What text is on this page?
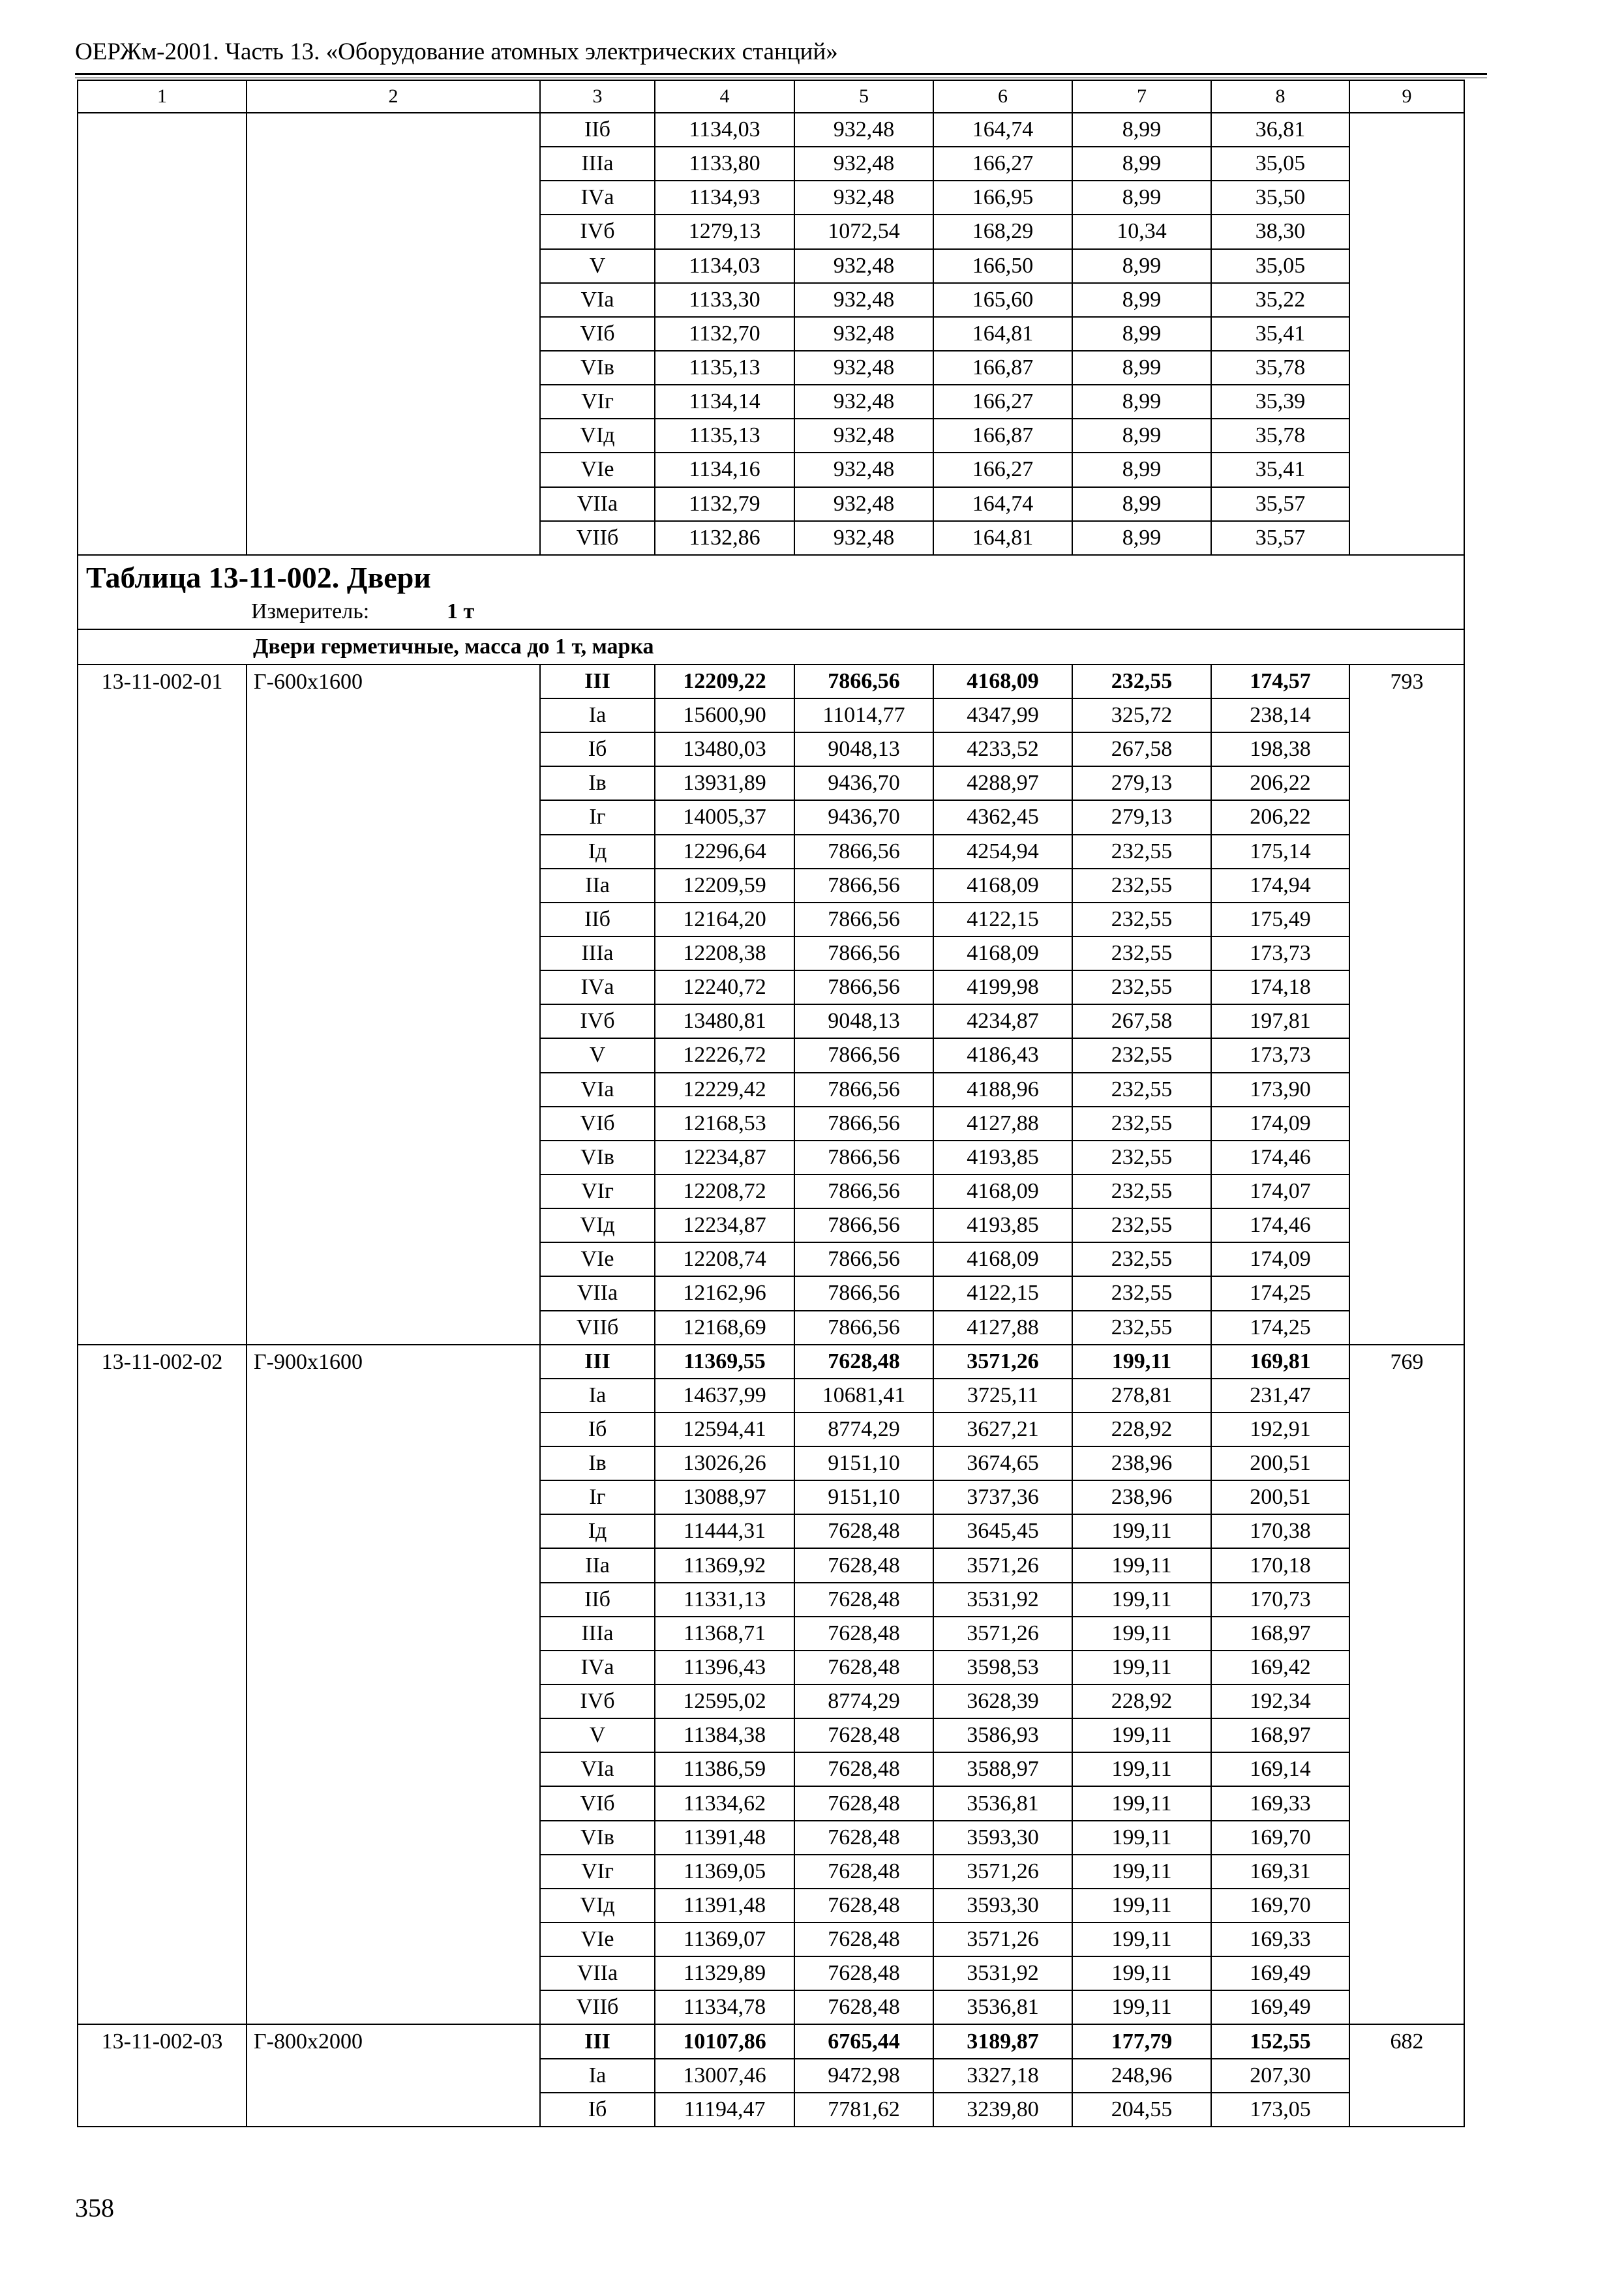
ОЕРЖм-2001. Часть 13. «Оборудование атомных электрических станций»
1	2	3	4	5	6	7	8	9
		IIб	1134,03	932,48	164,74	8,99	36,81	
		IIIа	1133,80	932,48	166,27	8,99	35,05	
		IVа	1134,93	932,48	166,95	8,99	35,50	
		IVб	1279,13	1072,54	168,29	10,34	38,30	
		V	1134,03	932,48	166,50	8,99	35,05	
		VIа	1133,30	932,48	165,60	8,99	35,22	
		VIб	1132,70	932,48	164,81	8,99	35,41	
		VIв	1135,13	932,48	166,87	8,99	35,78	
		VIг	1134,14	932,48	166,27	8,99	35,39	
		VIд	1135,13	932,48	166,87	8,99	35,78	
		VIе	1134,16	932,48	166,27	8,99	35,41	
		VIIа	1132,79	932,48	164,74	8,99	35,57	
		VIIб	1132,86	932,48	164,81	8,99	35,57	

Таблица 13-11-002. Двери
Измеритель: 1 т								

Двери герметичные, масса до 1 т, марка								
13-11-002-01	Г-600х1600	III	12209,22	7866,56	4168,09	232,55	174,57	793
		Iа	15600,90	11014,77	4347,99	325,72	238,14	
		Iб	13480,03	9048,13	4233,52	267,58	198,38	
		Iв	13931,89	9436,70	4288,97	279,13	206,22	
		Iг	14005,37	9436,70	4362,45	279,13	206,22	
		Iд	12296,64	7866,56	4254,94	232,55	175,14	
		IIа	12209,59	7866,56	4168,09	232,55	174,94	
		IIб	12164,20	7866,56	4122,15	232,55	175,49	
		IIIа	12208,38	7866,56	4168,09	232,55	173,73	
		IVа	12240,72	7866,56	4199,98	232,55	174,18	
		IVб	13480,81	9048,13	4234,87	267,58	197,81	
		V	12226,72	7866,56	4186,43	232,55	173,73	
		VIа	12229,42	7866,56	4188,96	232,55	173,90	
		VIб	12168,53	7866,56	4127,88	232,55	174,09	
		VIв	12234,87	7866,56	4193,85	232,55	174,46	
		VIг	12208,72	7866,56	4168,09	232,55	174,07	
		VIд	12234,87	7866,56	4193,85	232,55	174,46	
		VIе	12208,74	7866,56	4168,09	232,55	174,09	
		VIIа	12162,96	7866,56	4122,15	232,55	174,25	
		VIIб	12168,69	7866,56	4127,88	232,55	174,25	
13-11-002-02	Г-900х1600	III	11369,55	7628,48	3571,26	199,11	169,81	769
		Iа	14637,99	10681,41	3725,11	278,81	231,47	
		Iб	12594,41	8774,29	3627,21	228,92	192,91	
		Iв	13026,26	9151,10	3674,65	238,96	200,51	
		Iг	13088,97	9151,10	3737,36	238,96	200,51	
		Iд	11444,31	7628,48	3645,45	199,11	170,38	
		IIа	11369,92	7628,48	3571,26	199,11	170,18	
		IIб	11331,13	7628,48	3531,92	199,11	170,73	
		IIIа	11368,71	7628,48	3571,26	199,11	168,97	
		IVа	11396,43	7628,48	3598,53	199,11	169,42	
		IVб	12595,02	8774,29	3628,39	228,92	192,34	
		V	11384,38	7628,48	3586,93	199,11	168,97	
		VIа	11386,59	7628,48	3588,97	199,11	169,14	
		VIб	11334,62	7628,48	3536,81	199,11	169,33	
		VIв	11391,48	7628,48	3593,30	199,11	169,70	
		VIг	11369,05	7628,48	3571,26	199,11	169,31	
		VIд	11391,48	7628,48	3593,30	199,11	169,70	
		VIе	11369,07	7628,48	3571,26	199,11	169,33	
		VIIа	11329,89	7628,48	3531,92	199,11	169,49	
		VIIб	11334,78	7628,48	3536,81	199,11	169,49	
13-11-002-03	Г-800х2000	III	10107,86	6765,44	3189,87	177,79	152,55	682
		Iа	13007,46	9472,98	3327,18	248,96	207,30	
		Iб	11194,47	7781,62	3239,80	204,55	173,05	
358
